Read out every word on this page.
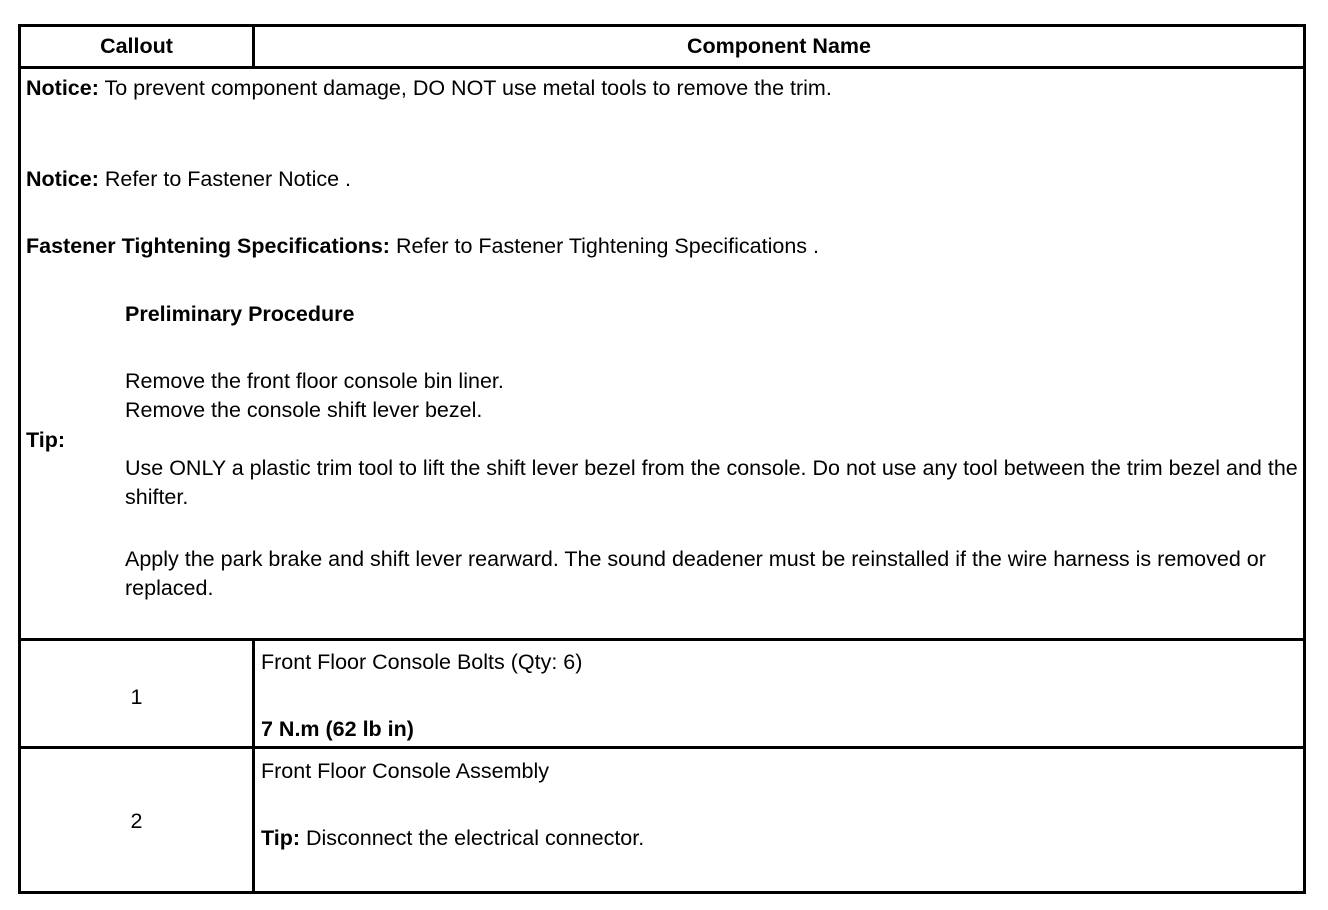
Callout	Component Name
Notice: To prevent component damage, DO NOT use metal tools to remove the trim.
Notice: Refer to Fastener Notice .
Fastener Tightening Specifications: Refer to Fastener Tightening Specifications .
Preliminary Procedure
Remove the front floor console bin liner.
Remove the console shift lever bezel.
Tip:
Use ONLY a plastic trim tool to lift the shift lever bezel from the console. Do not use any tool between the trim bezel and the shifter.
Apply the park brake and shift lever rearward. The sound deadener must be reinstalled if the wire harness is removed or replaced.
1
Front Floor Console Bolts (Qty: 6)
7 N.m (62 lb in)
2
Front Floor Console Assembly
Tip: Disconnect the electrical connector.
